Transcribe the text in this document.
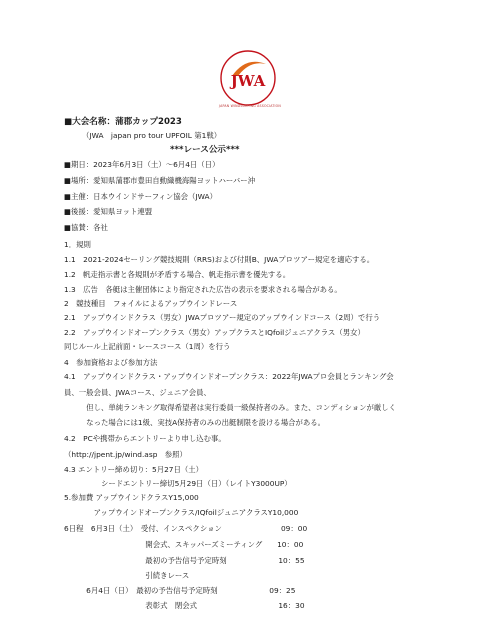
JWA
JAPAN WINDSURFING ASSOCIATION
■大会名称：蒲郡カップ2023
（JWA　japan pro tour UPFOIL 第1戦）
***レース公示***
■期日：2023年6月3日（土）～6月4日（日）
■場所：愛知県蒲郡市豊田自動織機海陽ヨットハーバー沖
■主催：日本ウインドサーフィン協会（JWA）
■後援：愛知県ヨット連盟
■協賛：各社
1．規則
1.1　2021-2024セーリング競技規則（RRS)および付則B、JWAプロツアー規定を適応する。
1.2　帆走指示書と各規則が矛盾する場合、帆走指示書を優先する。
1.3　広告　各艇は主催団体により指定された広告の表示を要求される場合がある。
2　競技種目　フォイルによるアップウインドレース
2.1　アップウインドクラス（男女）JWAプロツアー規定のアップウインドコース（2周）で行う
2.2　アップウインドオープンクラス（男女）アップクラスとIQfoilジュニアクラス（男女）
同じルール上記前面・レースコース（1周）を行う
4　参加資格および参加方法
4.1　アップウインドクラス・アップウインドオープンクラス：2022年JWAプロ会員とランキング会
員、一般会員、JWAコース、ジュニア会員、
　　　但し、単純ランキング取得希望者は実行委員一級保持者のみ。また、コンディションが厳しく
　　　なった場合には1級、実技A保持者のみの出艇制限を設ける場合がある。
4.2　PCや携帯からエントリーより申し込む事。
（http://jpent.jp/wind.asp　参照）
4.3 エントリー締め切り：5月27日（土）
　　　　　シードエントリー締切5月29日（日）（レイトY3000UP）
5.参加費 アップウインドクラスY15,000
　　　　アップウインドオープンクラス/IQfoilジュニアクラスY10,000
6日程　6月3日（土）　受付、インスペクション　　　　　　　　09：00
　　　　　　　　　　　開会式、スキッパーズミーティング　　10：00
　　　　　　　　　　　最初の予告信号予定時刻　　　　　　　10：55
　　　　　　　　　　　引続きレース
　　　6月4日（日）　最初の予告信号予定時刻　　　　　　　09：25
　　　　　　　　　　　表彰式　閉会式　　　　　　　　　　　16：30
